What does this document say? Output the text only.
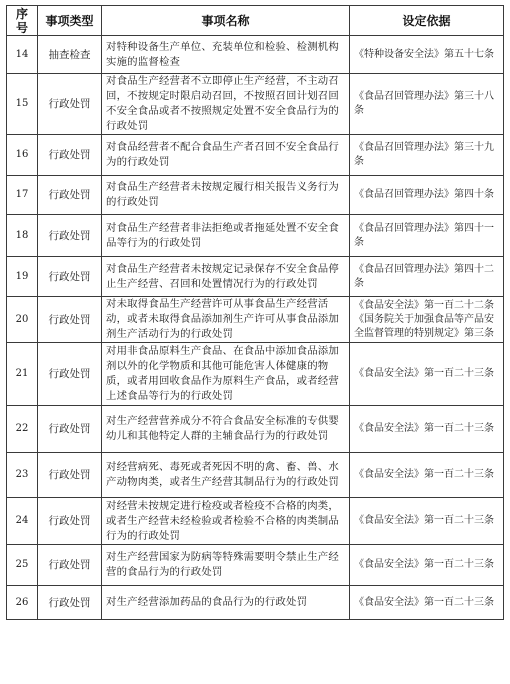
序号	事项类型	事项名称	设定依据
14	抽查检查	对特种设备生产单位、充装单位和检验、检测机构实施的监督检查	《特种设备安全法》第五十七条
15	行政处罚	对食品生产经营者不立即停止生产经营，不主动召回，不按规定时限启动召回，不按照召回计划召回不安全食品或者不按照规定处置不安全食品行为的行政处罚	《食品召回管理办法》第三十八条
16	行政处罚	对食品经营者不配合食品生产者召回不安全食品行为的行政处罚	《食品召回管理办法》第三十九条
17	行政处罚	对食品生产经营者未按规定履行相关报告义务行为的行政处罚	《食品召回管理办法》第四十条
18	行政处罚	对食品生产经营者非法拒绝或者拖延处置不安全食品等行为的行政处罚	《食品召回管理办法》第四十一条
19	行政处罚	对食品生产经营者未按规定记录保存不安全食品停止生产经营、召回和处置情况行为的行政处罚	《食品召回管理办法》第四十二条
20	行政处罚	对未取得食品生产经营许可从事食品生产经营活动，或者未取得食品添加剂生产许可从事食品添加剂生产活动行为的行政处罚	《食品安全法》第一百二十二条《国务院关于加强食品等产品安全监督管理的特别规定》第三条
21	行政处罚	对用非食品原料生产食品、在食品中添加食品添加剂以外的化学物质和其他可能危害人体健康的物质，或者用回收食品作为原料生产食品，或者经营上述食品等行为的行政处罚	《食品安全法》第一百二十三条
22	行政处罚	对生产经营营养成分不符合食品安全标准的专供婴幼儿和其他特定人群的主辅食品行为的行政处罚	《食品安全法》第一百二十三条
23	行政处罚	对经营病死、毒死或者死因不明的禽、畜、兽、水产动物肉类，或者生产经营其制品行为的行政处罚	《食品安全法》第一百二十三条
24	行政处罚	对经营未按规定进行检疫或者检疫不合格的肉类，或者生产经营未经检验或者检验不合格的肉类制品行为的行政处罚	《食品安全法》第一百二十三条
25	行政处罚	对生产经营国家为防病等特殊需要明令禁止生产经营的食品行为的行政处罚	《食品安全法》第一百二十三条
26	行政处罚	对生产经营添加药品的食品行为的行政处罚	《食品安全法》第一百二十三条
